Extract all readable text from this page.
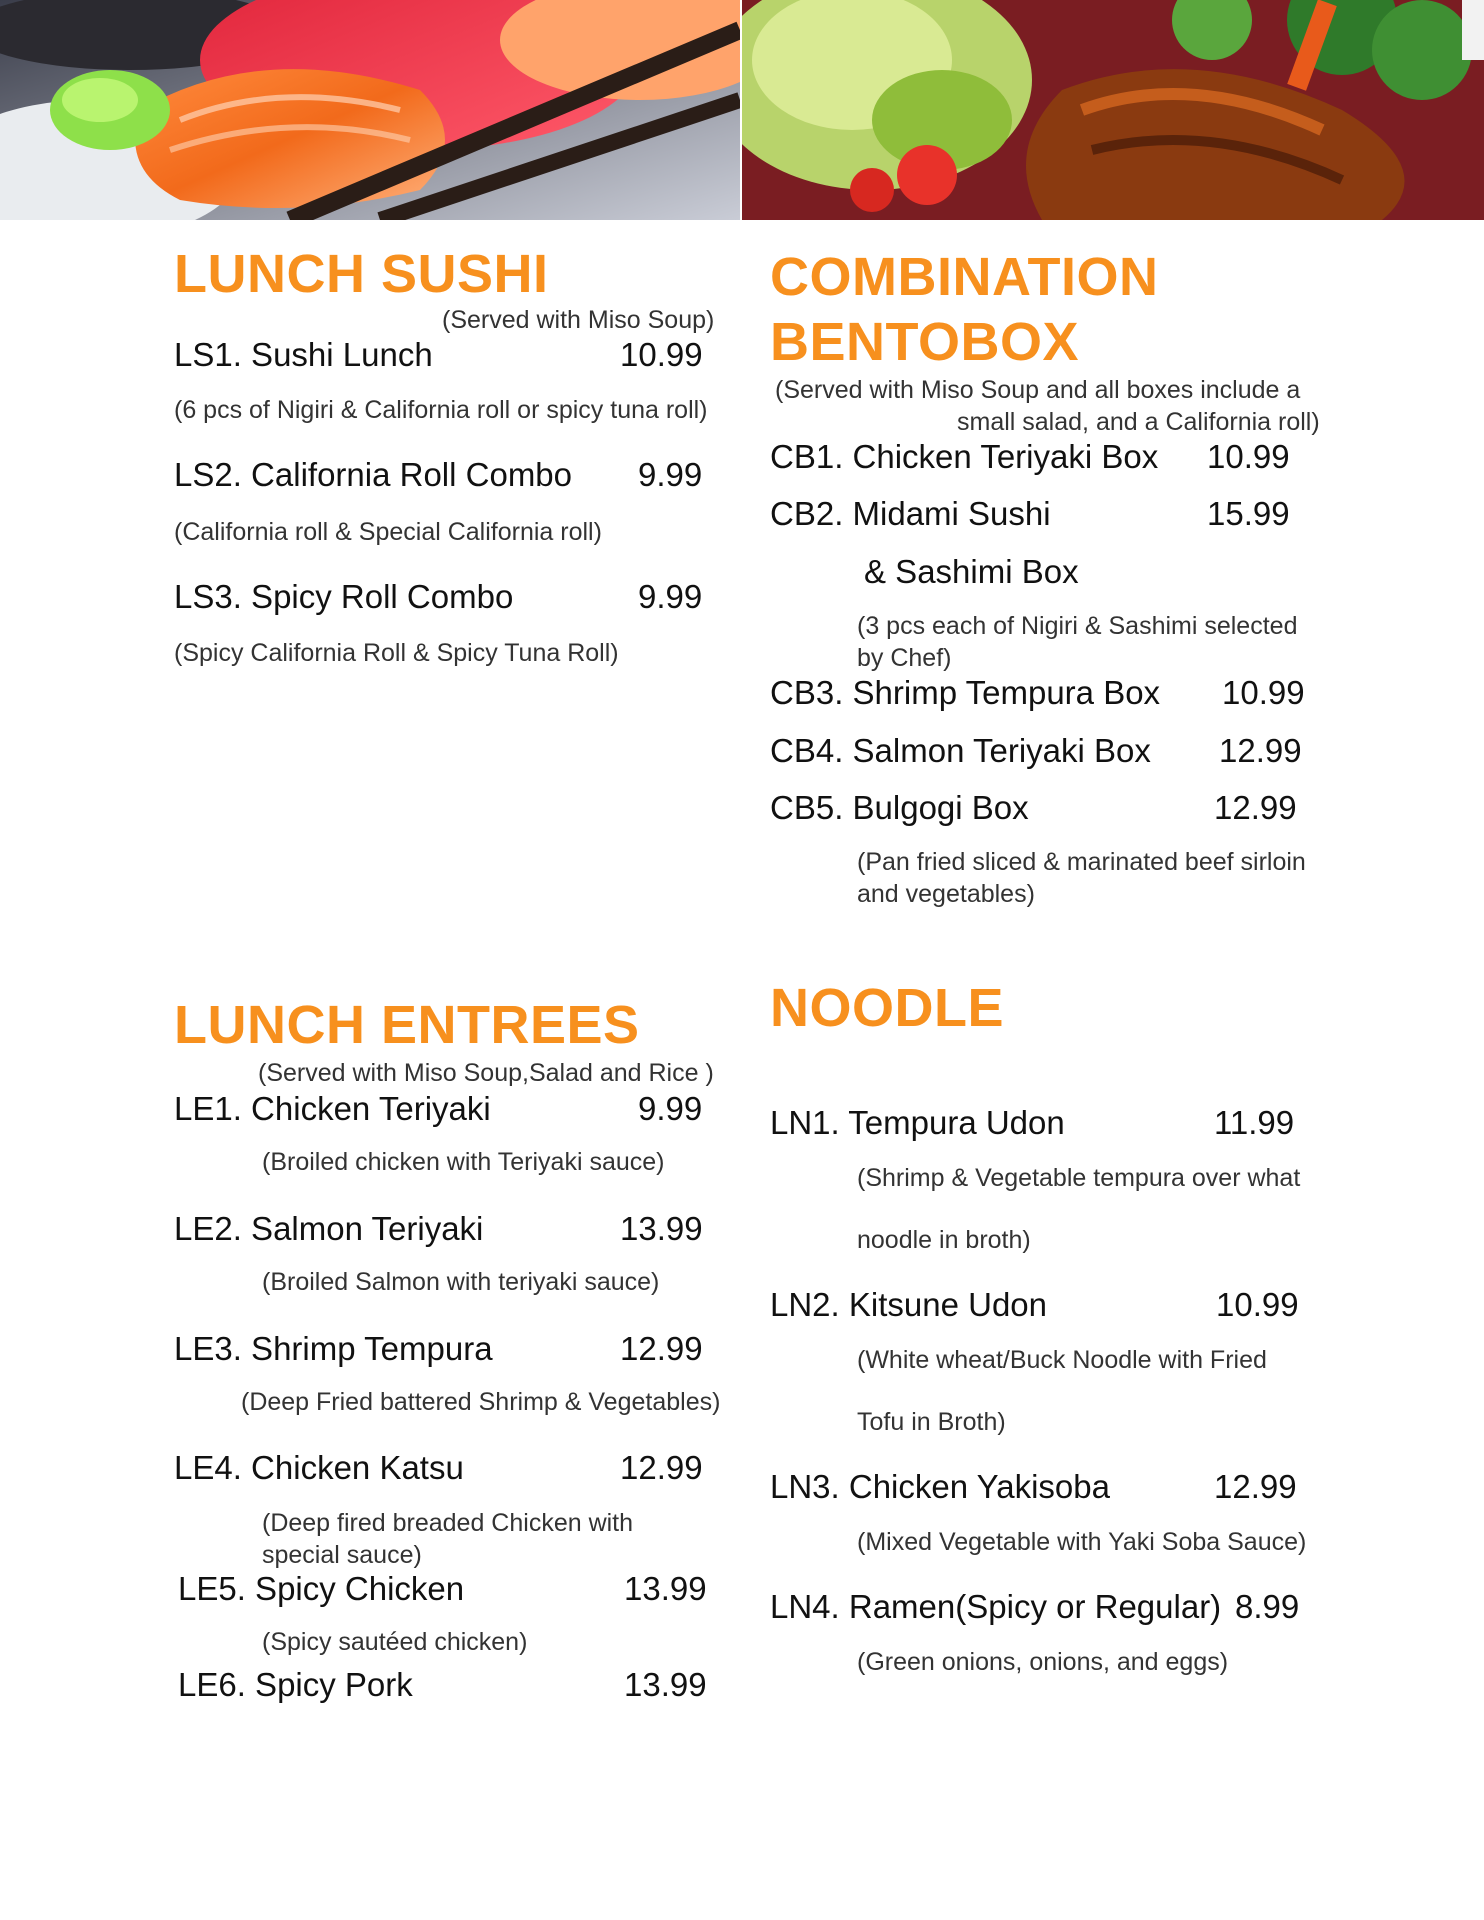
LUNCH SUSHI
(Served with Miso Soup)
LS1. Sushi Lunch	10.99
(6 pcs of Nigiri & California roll or spicy tuna roll)
LS2. California Roll Combo 9.99
(California roll & Special California roll)
LS3. Spicy Roll Combo	9.99
(Spicy California Roll & Spicy Tuna Roll)
COMBINATION
BENTOBOX
(Served with Miso Soup and all boxes include a
small salad, and a California roll)
CB1. Chicken Teriyaki Box 10.99
CB2. Midami Sushi	15.99
& Sashimi Box
(3 pcs each of Nigiri & Sashimi selected
by Chef)
CB3. Shrimp Tempura Box 10.99
CB4. Salmon Teriyaki Box 12.99
CB5. Bulgogi Box	12.99
(Pan fried sliced & marinated beef sirloin
and vegetables)
LUNCH ENTREES
(Served with Miso Soup,Salad and Rice )
LE1. Chicken Teriyaki	9.99
(Broiled chicken with Teriyaki sauce)
LE2. Salmon Teriyaki	13.99
(Broiled Salmon with teriyaki sauce)
LE3. Shrimp Tempura	12.99
(Deep Fried battered Shrimp & Vegetables)
LE4. Chicken Katsu	12.99
(Deep fired breaded Chicken with
special sauce)
LE5. Spicy Chicken	13.99
(Spicy sautéed chicken)
LE6. Spicy Pork	13.99
NOODLE
LN1. Tempura Udon	11.99
(Shrimp & Vegetable tempura over what
noodle in broth)
LN2. Kitsune Udon	10.99
(White wheat/Buck Noodle with Fried
Tofu in Broth)
LN3. Chicken Yakisoba	12.99
(Mixed Vegetable with Yaki Soba Sauce)
LN4. Ramen(Spicy or Regular) 8.99
(Green onions, onions, and eggs)
